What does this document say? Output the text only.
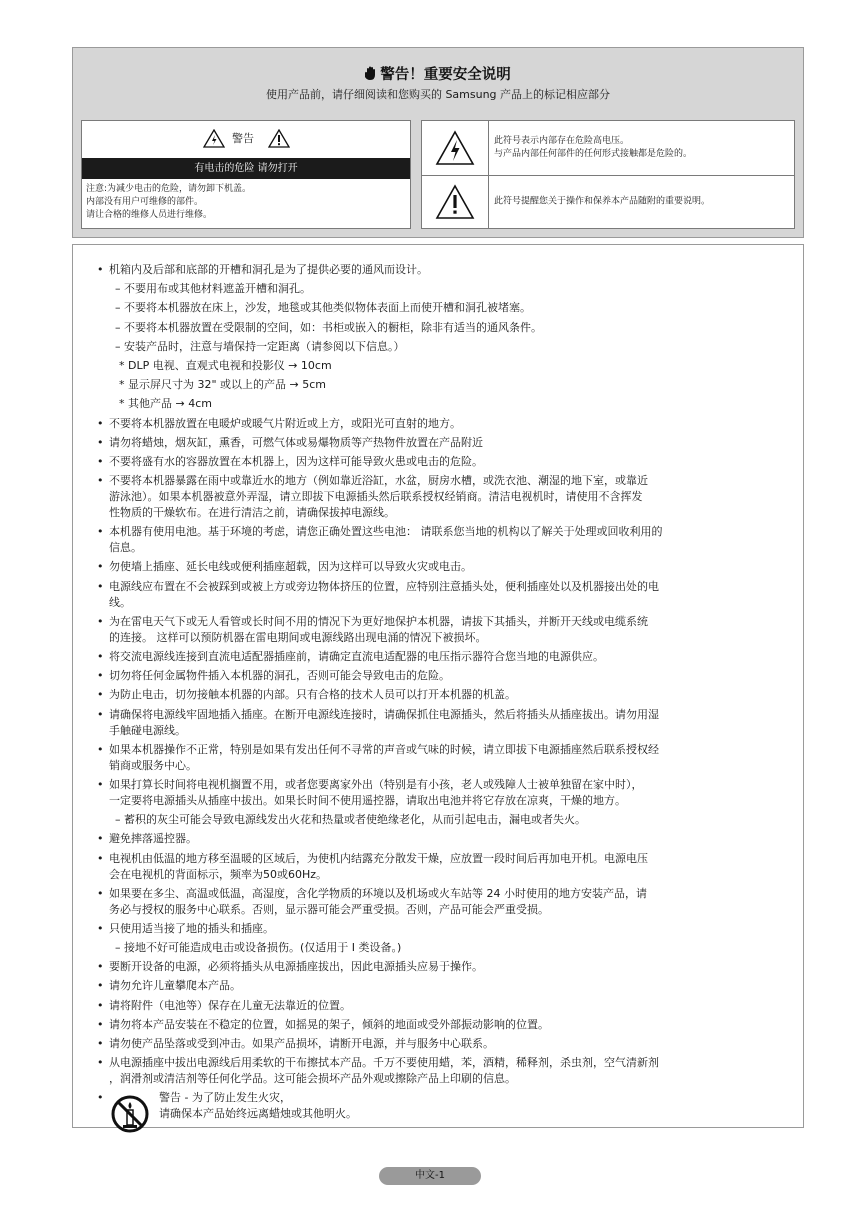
警告！重要安全说明
使用产品前，请仔细阅读和您购买的 Samsung 产品上的标记相应部分
警告
有电击的危险 请勿打开
注意:为减少电击的危险，请勿卸下机盖。
内部没有用户可维修的部件。
请让合格的维修人员进行维修。
此符号表示内部存在危险高电压。
与产品内部任何部件的任何形式接触都是危险的。
此符号提醒您关于操作和保养本产品随附的重要说明。
• 机箱内及后部和底部的开槽和洞孔是为了提供必要的通风而设计。
– 不要用布或其他材料遮盖开槽和洞孔。
– 不要将本机器放在床上，沙发，地毯或其他类似物体表面上而使开槽和洞孔被堵塞。
– 不要将本机器放置在受限制的空间，如：书柜或嵌入的橱柜，除非有适当的通风条件。
– 安装产品时，注意与墙保持一定距离（请参阅以下信息。）
* DLP 电视、直观式电视和投影仪 → 10cm
* 显示屏尺寸为 32" 或以上的产品 → 5cm
* 其他产品 → 4cm
• 不要将本机器放置在电暖炉或暖气片附近或上方，或阳光可直射的地方。
• 请勿将蜡烛，烟灰缸，熏香，可燃气体或易爆物质等产热物件放置在产品附近
• 不要将盛有水的容器放置在本机器上，因为这样可能导致火患或电击的危险。
• 不要将本机器暴露在雨中或靠近水的地方（例如靠近浴缸，水盆，厨房水槽，或洗衣池、潮湿的地下室，或靠近
游泳池）。如果本机器被意外弄湿，请立即拔下电源插头然后联系授权经销商。清洁电视机时，请使用不含挥发
性物质的干燥软布。在进行清洁之前，请确保拔掉电源线。
• 本机器有使用电池。基于环境的考虑，请您正确处置这些电池： 请联系您当地的机构以了解关于处理或回收利用的
信息。
• 勿使墙上插座、延长电线或便利插座超载，因为这样可以导致火灾或电击。
• 电源线应布置在不会被踩到或被上方或旁边物体挤压的位置，应特别注意插头处，便利插座处以及机器接出处的电
线。
• 为在雷电天气下或无人看管或长时间不用的情况下为更好地保护本机器，请拔下其插头，并断开天线或电缆系统
的连接。 这样可以预防机器在雷电期间或电源线路出现电涌的情况下被损坏。
• 将交流电源线连接到直流电适配器插座前，请确定直流电适配器的电压指示器符合您当地的电源供应。
• 切勿将任何金属物件插入本机器的洞孔，否则可能会导致电击的危险。
• 为防止电击，切勿接触本机器的内部。只有合格的技术人员可以打开本机器的机盖。
• 请确保将电源线牢固地插入插座。在断开电源线连接时，请确保抓住电源插头，然后将插头从插座拔出。请勿用湿
手触碰电源线。
• 如果本机器操作不正常，特别是如果有发出任何不寻常的声音或气味的时候，请立即拔下电源插座然后联系授权经
销商或服务中心。
• 如果打算长时间将电视机搁置不用，或者您要离家外出（特别是有小孩，老人或残障人士被单独留在家中时），
一定要将电源插头从插座中拔出。如果长时间不使用遥控器，请取出电池并将它存放在凉爽，干燥的地方。
– 蓄积的灰尘可能会导致电源线发出火花和热量或者使绝缘老化，从而引起电击，漏电或者失火。
• 避免摔落遥控器。
• 电视机由低温的地方移至温暖的区域后，为使机内结露充分散发干燥，应放置一段时间后再加电开机。电源电压
会在电视机的背面标示，频率为50或60Hz。
• 如果要在多尘、高温或低温，高湿度，含化学物质的环境以及机场或火车站等 24 小时使用的地方安装产品，请
务必与授权的服务中心联系。否则，显示器可能会严重受损。否则，产品可能会严重受损。
• 只使用适当接了地的插头和插座。
– 接地不好可能造成电击或设备损伤。(仅适用于 I 类设备。)
• 要断开设备的电源，必须将插头从电源插座拔出，因此电源插头应易于操作。
• 请勿允许儿童攀爬本产品。
• 请将附件（电池等）保存在儿童无法靠近的位置。
• 请勿将本产品安装在不稳定的位置，如摇晃的架子，倾斜的地面或受外部振动影响的位置。
• 请勿使产品坠落或受到冲击。如果产品损坏，请断开电源，并与服务中心联系。
• 从电源插座中拔出电源线后用柔软的干布擦拭本产品。千万不要使用蜡，苯，酒精，稀释剂，杀虫剂，空气清新剂
，润滑剂或清洁剂等任何化学品。这可能会损坏产品外观或擦除产品上印刷的信息。
•	警告 - 为了防止发生火灾，
请确保本产品始终远离蜡烛或其他明火。
中文-1
